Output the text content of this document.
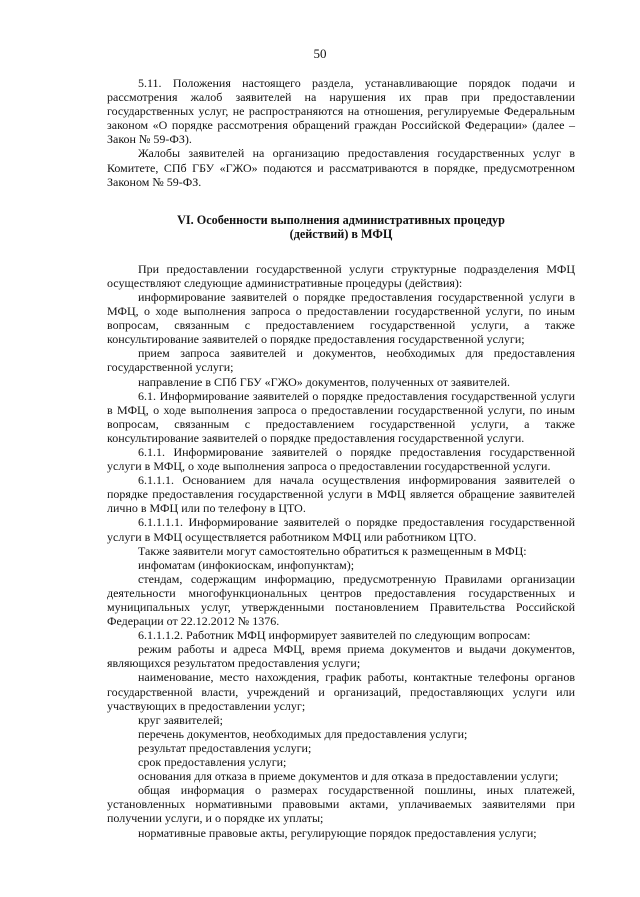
50

5.11. Положения настоящего раздела, устанавливающие порядок подачи и рассмотрения жалоб заявителей на нарушения их прав при предоставлении государственных услуг, не распространяются на отношения, регулируемые Федеральным законом «О порядке рассмотрения обращений граждан Российской Федерации» (далее – Закон № 59-ФЗ).

Жалобы заявителей на организацию предоставления государственных услуг в Комитете, СПб ГБУ «ГЖО» подаются и рассматриваются в порядке, предусмотренном Законом № 59-ФЗ.

VI. Особенности выполнения административных процедур
(действий) в МФЦ

При предоставлении государственной услуги структурные подразделения МФЦ осуществляют следующие административные процедуры (действия):

информирование заявителей о порядке предоставления государственной услуги в МФЦ, о ходе выполнения запроса о предоставлении государственной услуги, по иным вопросам, связанным с предоставлением государственной услуги, а также консультирование заявителей о порядке предоставления государственной услуги;

прием запроса заявителей и документов, необходимых для предоставления государственной услуги;

направление в СПб ГБУ «ГЖО» документов, полученных от заявителей.

6.1. Информирование заявителей о порядке предоставления государственной услуги в МФЦ, о ходе выполнения запроса о предоставлении государственной услуги, по иным вопросам, связанным с предоставлением государственной услуги, а также консультирование заявителей о порядке предоставления государственной услуги.

6.1.1. Информирование заявителей о порядке предоставления государственной услуги в МФЦ, о ходе выполнения запроса о предоставлении государственной услуги.

6.1.1.1. Основанием для начала осуществления информирования заявителей о порядке предоставления государственной услуги в МФЦ является обращение заявителей лично в МФЦ или по телефону в ЦТО.

6.1.1.1.1. Информирование заявителей о порядке предоставления государственной услуги в МФЦ осуществляется работником МФЦ или работником ЦТО.

Также заявители могут самостоятельно обратиться к размещенным в МФЦ:

инфоматам (инфокиоскам, инфопунктам);

стендам, содержащим информацию, предусмотренную Правилами организации деятельности многофункциональных центров предоставления государственных и муниципальных услуг, утвержденными постановлением Правительства Российской Федерации от 22.12.2012 № 1376.

6.1.1.1.2. Работник МФЦ информирует заявителей по следующим вопросам:

режим работы и адреса МФЦ, время приема документов и выдачи документов, являющихся результатом предоставления услуги;

наименование, место нахождения, график работы, контактные телефоны органов государственной власти, учреждений и организаций, предоставляющих услуги или участвующих в предоставлении услуг;

круг заявителей;

перечень документов, необходимых для предоставления услуги;

результат предоставления услуги;

срок предоставления услуги;

основания для отказа в приеме документов и для отказа в предоставлении услуги;

общая информация о размерах государственной пошлины, иных платежей, установленных нормативными правовыми актами, уплачиваемых заявителями при получении услуги, и о порядке их уплаты;

нормативные правовые акты, регулирующие порядок предоставления услуги;
